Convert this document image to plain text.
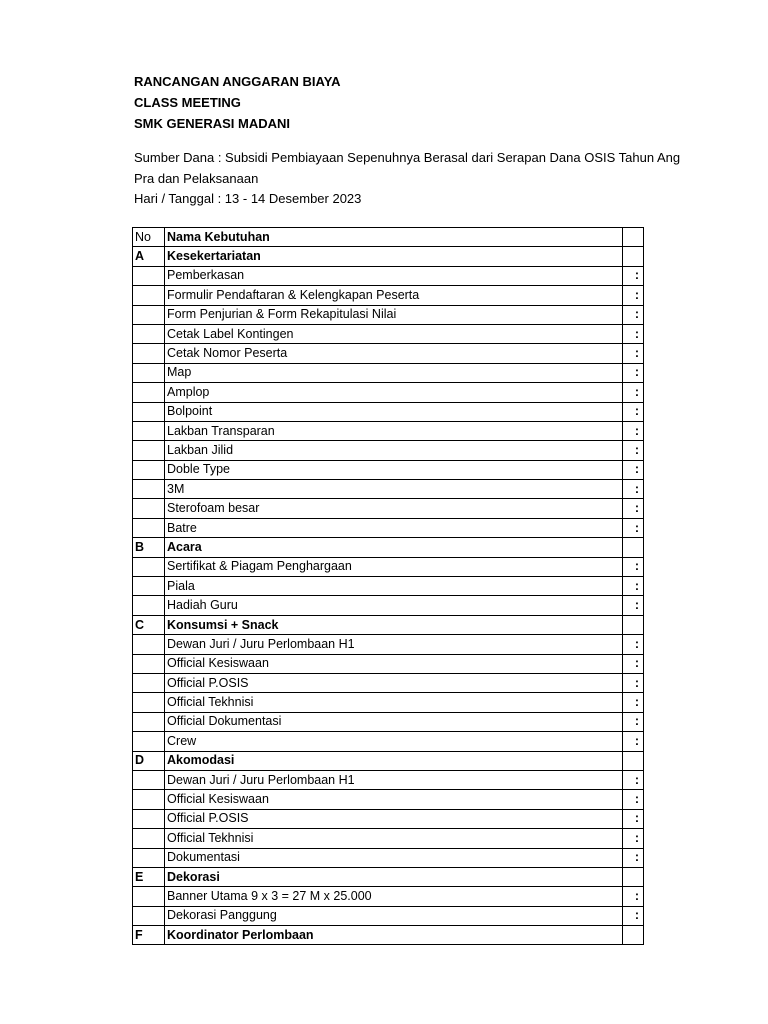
RANCANGAN ANGGARAN BIAYA
CLASS MEETING
SMK GENERASI MADANI
Sumber Dana : Subsidi Pembiayaan Sepenuhnya Berasal dari Serapan Dana OSIS Tahun Ang
Pra dan Pelaksanaan
Hari / Tanggal : 13 - 14 Desember 2023
No	Nama Kebutuhan	
A	Kesekertariatan	
	Pemberkasan	:
	Formulir Pendaftaran & Kelengkapan Peserta	:
	Form Penjurian & Form Rekapitulasi Nilai	:
	Cetak Label Kontingen	:
	Cetak Nomor Peserta	:
	Map	:
	Amplop	:
	Bolpoint	:
	Lakban Transparan	:
	Lakban Jilid	:
	Doble Type	:
	3M	:
	Sterofoam besar	:
	Batre	:
B	Acara	
	Sertifikat & Piagam Penghargaan	:
	Piala	:
	Hadiah Guru	:
C	Konsumsi + Snack	
	Dewan Juri / Juru Perlombaan H1	:
	Official Kesiswaan	:
	Official P.OSIS	:
	Official Tekhnisi	:
	Official Dokumentasi	:
	Crew	:
D	Akomodasi	
	Dewan Juri / Juru Perlombaan H1	:
	Official Kesiswaan	:
	Official P.OSIS	:
	Official Tekhnisi	:
	Dokumentasi	:
E	Dekorasi	
	Banner Utama 9 x 3 = 27 M x 25.000	:
	Dekorasi Panggung	:
F	Koordinator Perlombaan	
